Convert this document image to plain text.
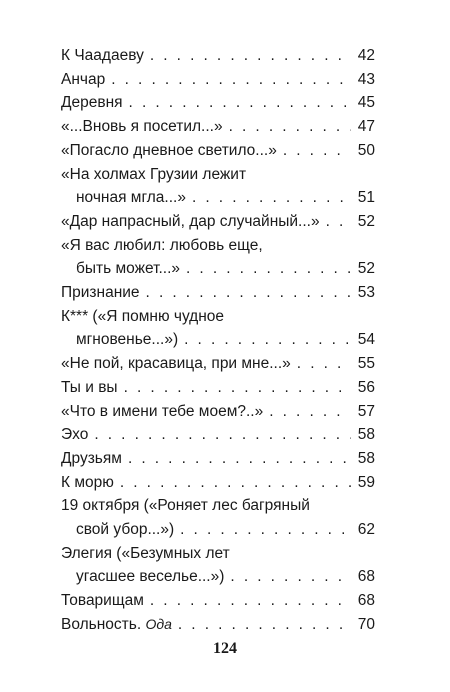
К Чаадаеву . . .	42
Анчар . . .	43
Деревня . . .	45
«...Вновь я посетил...» . . .	47
«Погасло дневное светило...» . . .	50
«На холмах Грузии лежит
ночная мгла...» . . .	51
«Дар напрасный, дар случайный...» . . . 52
«Я вас любил: любовь еще,
быть может...» . . .	52
Признание . . .	53
К*** («Я помню чудное
мгновенье...») . . .	54
«Не пой, красавица, при мне...» . . .	55
Ты и вы . . .	56
«Что в имени тебе моем?..» . . .	57
Эхо . . .	58
Друзьям . . .	58
К морю . . .	59
19 октября («Роняет лес багряный
свой убор...») . . .	62
Элегия («Безумных лет
угасшее веселье...») . . .	68
Товарищам . . .	68
Вольность. Ода . . .	70
124
